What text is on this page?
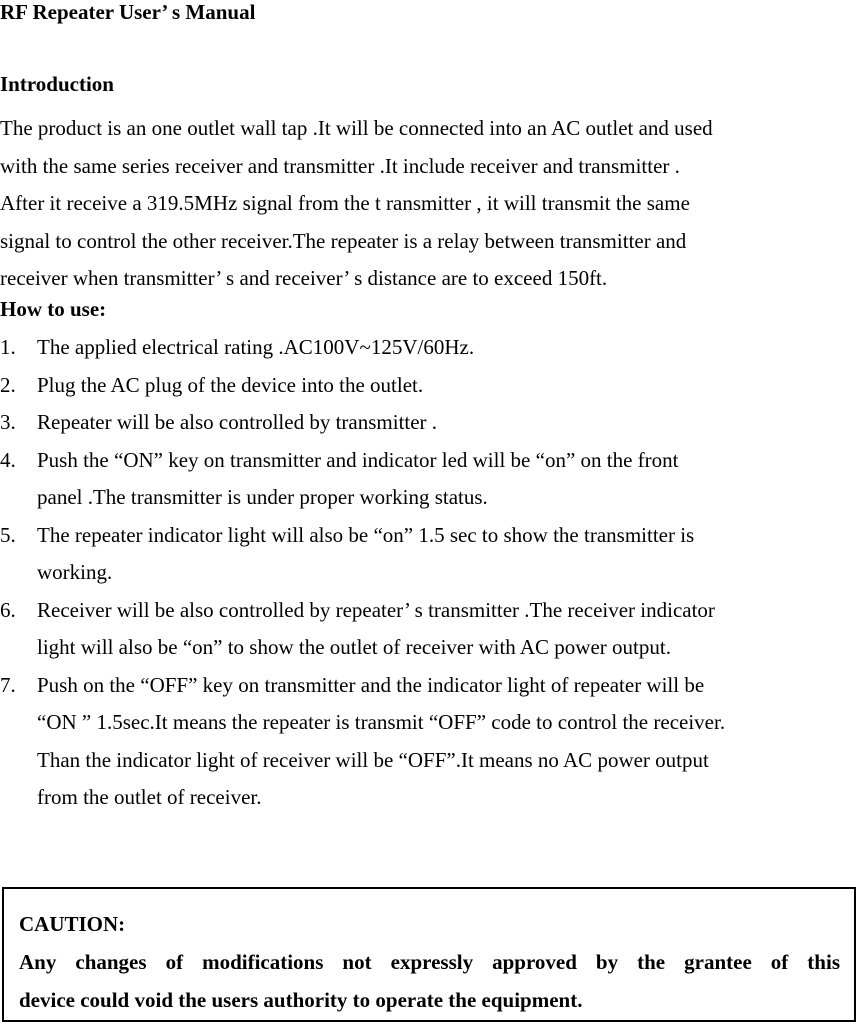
RF Repeater User’ s Manual
Introduction
The product is an one outlet wall tap .It will be connected into an AC outlet and used
with the same series receiver and transmitter .It include receiver and transmitter .
After it receive a 319.5MHz signal from the t ransmitter , it will transmit the same
signal to control the other receiver.The repeater is a relay between transmitter and
receiver when transmitter’ s and receiver’ s distance are to exceed 150ft.
How to use:
1.	The applied electrical rating .AC100V~125V/60Hz.
2.	Plug the AC plug of the device into the outlet.
3.	Repeater will be also controlled by transmitter .
4.	Push the “ON” key on transmitter and indicator led will be “on” on the front
panel .The transmitter is under proper working status.
5.	The repeater indicator light will also be “on” 1.5 sec to show the transmitter is
working.
6.	Receiver will be also controlled by repeater’ s transmitter .The receiver indicator
light will also be “on” to show the outlet of receiver with AC power output.
7.	Push on the “OFF” key on transmitter and the indicator light of repeater will be
“ON ” 1.5sec.It means the repeater is transmit “OFF” code to control the receiver.
Than the indicator light of receiver will be “OFF”.It means no AC power output
from the outlet of receiver.
CAUTION:
Any changes of modifications not expressly approved by the grantee of this
device could void the users authority to operate the equipment.
